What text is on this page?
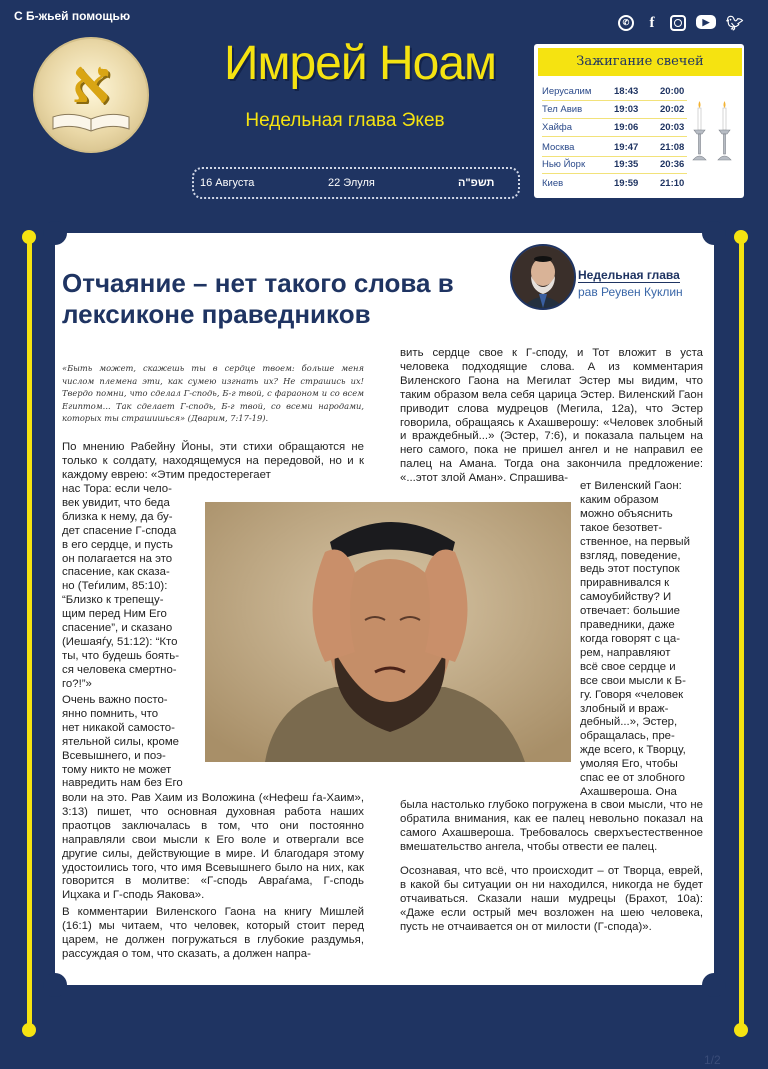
С Б-жьей помощью	✆	f	▶	🐦︎
א	Имрей Ноам
Недельная глава Экев
16 Августа	22 Элуля	תשפ"ה
Зажигание свечей
Иерусалим 18:43 20:00
Тел Авив	19:03 20:02
Хайфа	19:06 20:03
Москва	19:47 21:08
Нью Йорк	19:35 20:36
Киев	19:59 21:10
Отчаяние – нет такого слова в
лексиконе праведников
Недельная глава
рав Реувен Куклин
«Быть может, скажешь ты в сердце твоем: больше меня числом племена эти, как сумею изгнать их? Не страшись их! Твердо помни, что сделал Г-сподь, Б-г твой, с фараоном и со всем Египтом... Так сделает Г-сподь, Б-г твой, со всеми народами, которых ты страшишься» (Дварим, 7:17-19).
По мнению Рабейну Йоны, эти стихи обращаются не только к солдату, находящемуся на передовой, но и к каждому еврею: «Этим предостерегает
нас Тора: если чело-
век увидит, что беда
близка к нему, да бу-
дет спасение Г-спода
в его сердце, и пусть
он полагается на это
спасение, как сказа-
но (Теѓилим, 85:10):
“Близко к трепещу-
щим перед Ним Его
спасение”, и сказано
(Иешаяѓу, 51:12): “Кто
ты, что будешь боять-
ся человека смертно-
го?!”»
Очень важно посто-
янно помнить, что
нет никакой самосто-
ятельной силы, кроме
Всевышнего, и поэ-
тому никто не может
навредить нам без Его
воли на это. Рав Хаим из Воложина («Нефеш ѓа-Хаим», 3:13) пишет, что основная духовная работа наших праотцов заключалась в том, что они постоянно направляли свои мысли к Его воле и отвергали все другие силы, действующие в мире. И благодаря этому удостоились того, что имя Всевышнего было на них, как говорится в молитве: «Г-сподь Авраѓама, Г-сподь Ицхака и Г-сподь Яакова».
В комментарии Виленского Гаона на книгу Мишлей (16:1) мы читаем, что человек, который стоит перед царем, не должен погружаться в глубокие раздумья, рассуждая о том, что сказать, а должен напра-
вить сердце свое к Г-споду, и Тот вложит в уста человека подходящие слова. А из комментария Виленского Гаона на Мегилат Эстер мы видим, что таким образом вела себя царица Эстер. Виленский Гаон приводит слова мудрецов (Мегила, 12а), что Эстер говорила, обращаясь к Ахашверошу: «Человек злобный и враждебный...» (Эстер, 7:6), и показала пальцем на него самого, пока не пришел ангел и не направил ее палец на Амана. Тогда она закончила предложение: «...этот злой Аман». Спрашива-
ет Виленский Гаон:
каким образом
можно объяснить
такое безответ-
ственное, на первый
взгляд, поведение,
ведь этот поступок
приравнивался к
самоубийству? И
отвечает: большие
праведники, даже
когда говорят с ца-
рем, направляют
всё свое сердце и
все свои мысли к Б-
гу. Говоря «человек
злобный и враж-
дебный...», Эстер,
обращалась, пре-
жде всего, к Творцу,
умоляя Его, чтобы
спас ее от злобного
Ахашвероша. Она
была настолько глубоко погружена в свои мысли, что не обратила внимания, как ее палец невольно показал на самого Ахашвероша. Требовалось сверхъестественное вмешательство ангела, чтобы отвести ее палец.
Осознавая, что всё, что происходит – от Творца, еврей, в какой бы ситуации он ни находился, никогда не будет отчаиваться. Сказали наши мудрецы (Брахот, 10а): «Даже если острый меч возложен на шею человека, пусть не отчаивается он от милости (Г-спода)».
1/2
